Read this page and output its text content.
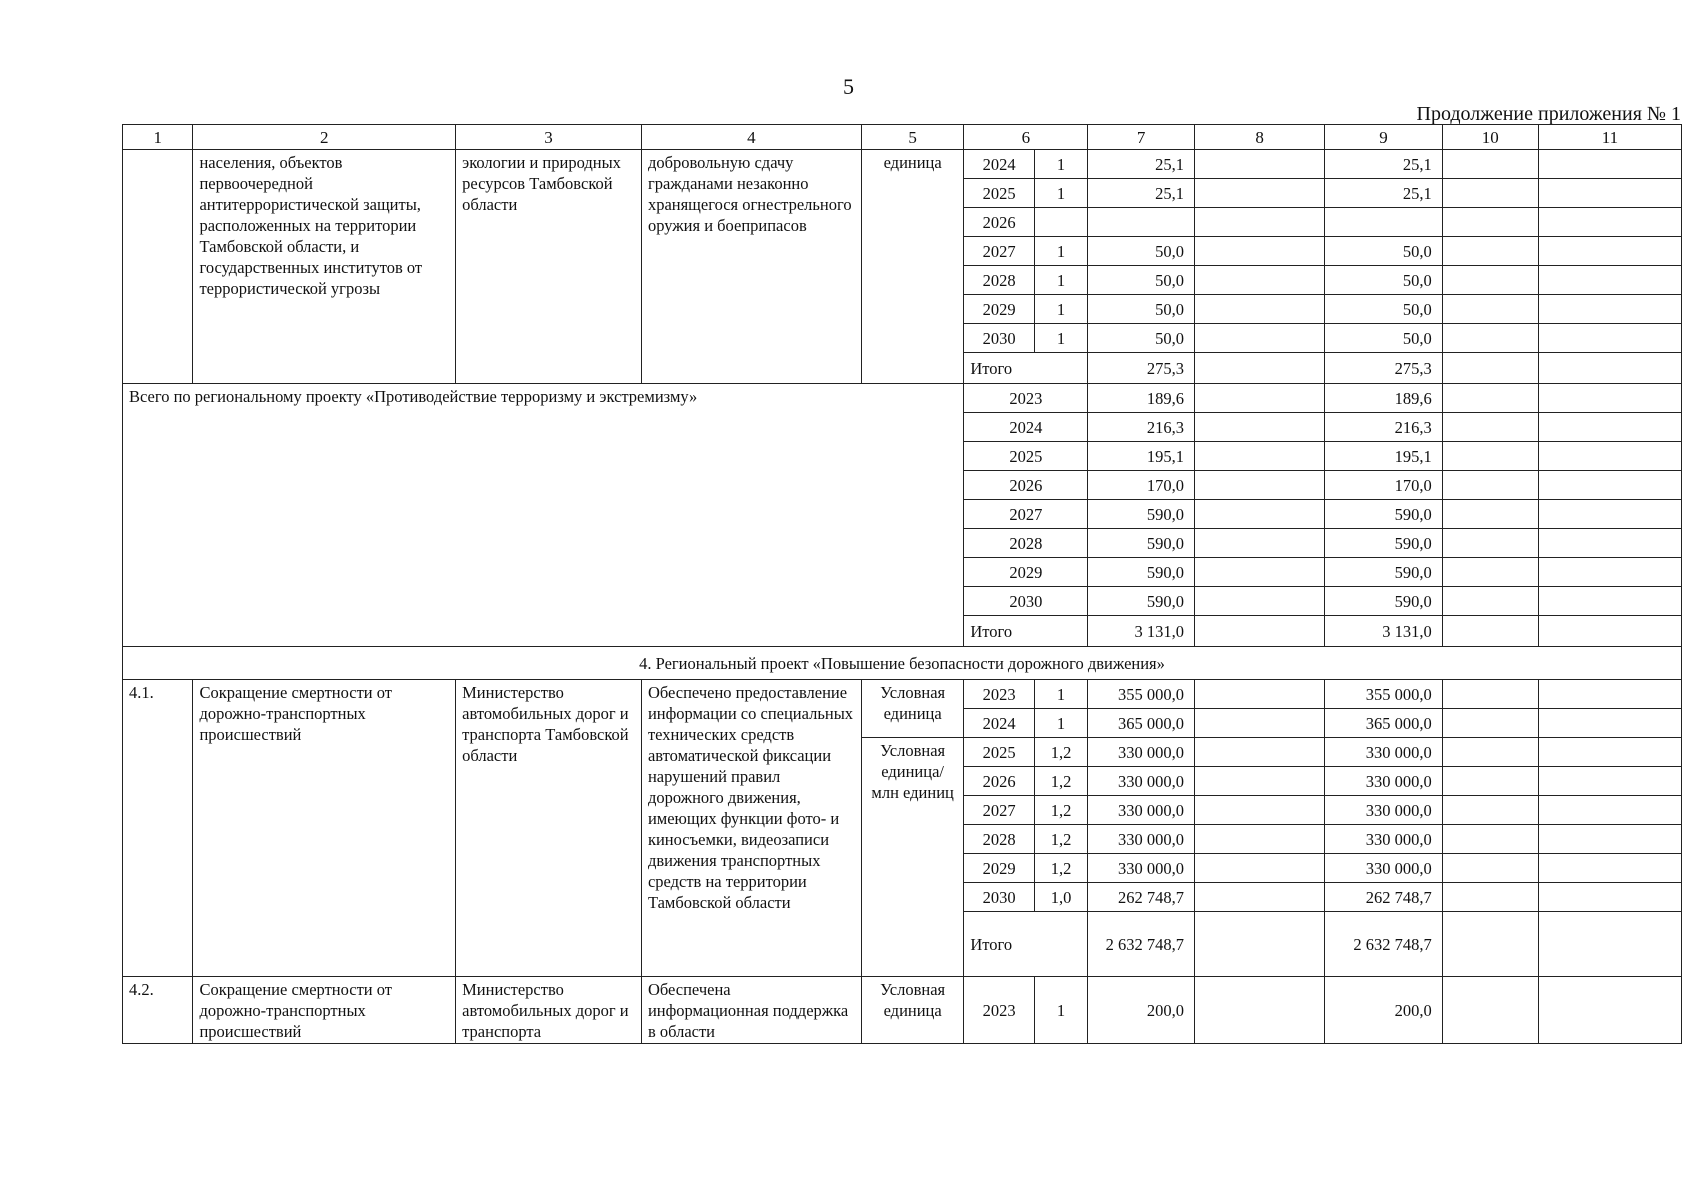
5
Продолжение приложения № 1
1	2	3	4	5	6		7	8	9	10	11
	населения, объектов первоочередной антитеррористической защиты, расположенных на территории Тамбовской области, и государственных институтов от террористической угрозы	экологии и природных ресурсов Тамбовской области	добровольную сдачу гражданами незаконно хранящегося огнестрельного оружия и боеприпасов	единица	2024	1	25,1		25,1		
					2025	1	25,1		25,1		
					2026						
					2027	1	50,0		50,0		
					2028	1	50,0		50,0		
					2029	1	50,0		50,0		
					2030	1	50,0		50,0		
					Итого		275,3		275,3		
Всего по региональному проекту «Противодействие терроризму и экстремизму»					2023		189,6		189,6		
					2024		216,3		216,3		
					2025		195,1		195,1		
					2026		170,0		170,0		
					2027		590,0		590,0		
					2028		590,0		590,0		
					2029		590,0		590,0		
					2030		590,0		590,0		
					Итого		3 131,0		3 131,0		
4. Региональный проект «Повышение безопасности дорожного движения»											
4.1.	Сокращение смертности от дорожно-транспортных происшествий	Министерство автомобильных дорог и транспорта Тамбовской области	Обеспечено предоставление информации со специальных технических средств автоматической фиксации нарушений правил дорожного движения, имеющих функции фото- и киносъемки, видеозаписи движения транспортных средств на территории Тамбовской области	Условная единица	2023	1	355 000,0		355 000,0		
					2024	1	365 000,0		365 000,0		
				Условная единица/ млн единиц	2025	1,2	330 000,0		330 000,0		
					2026	1,2	330 000,0		330 000,0		
					2027	1,2	330 000,0		330 000,0		
					2028	1,2	330 000,0		330 000,0		
					2029	1,2	330 000,0		330 000,0		
					2030	1,0	262 748,7		262 748,7		
					Итого		2 632 748,7		2 632 748,7		
4.2.	Сокращение смертности от дорожно-транспортных происшествий	Министерство автомобильных дорог и транспорта	Обеспечена информационная поддержка в области	Условная единица	2023	1	200,0		200,0		
